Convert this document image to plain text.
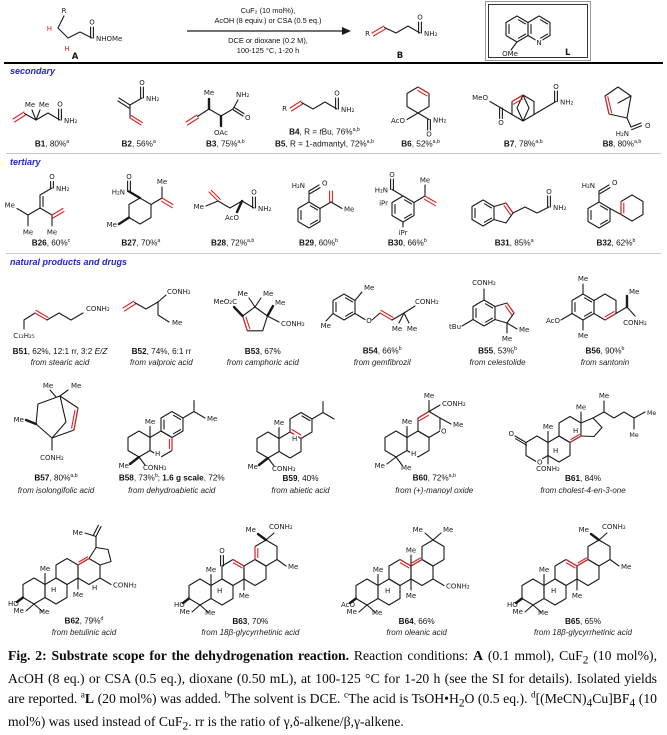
R
O
NHOMe
H
H
A
CuF₂ (10 mol%),
AcOH (8 equiv.) or CSA (0.5 eq.)
DCE or dioxane (0.2 M),
100-125 °C, 1-20 h
R
O
NH₂
B
N
OMe	L
secondary
Me Me O
NH₂
B1, 80%$^a$
O
NH₂
B2, 56%$^a$
Me	NH₂
O
OAc
B3, 75%$^{a,b}$
R
O
NH₂
B4, R = tBu, 76%$^{a,b}$
B5, R = 1-admantyl, 72%$^{a,b}$
AcO	NH₂
O
B6, 52%$^{a,b}$
O
MeO
O
NH₂
B7, 78%$^{a,b}$
O
H₂N
B8, 80%$^{a,b}$
tertiary
O
NH₂
Me
Me Me
B26, 60%$^c$
O
H₂N
Me
Me
B27, 70%$^a$
Me
AcO
O
NH₂
B28, 72%$^{a,b}$
O
H₂N
Me
B29, 60%$^b$
O
H₂N
Me
iPr
iPr
B30, 66%$^b$
O
NH₂
B31, 85%$^a$
O
H₂N
B32, 62%$^b$
natural products and drugs
C₁₂H₂₅
CONH₂
B51, 62%, 12:1 rr, 3:2 E/Z
from stearic acid
CONH₂
Me
B52, 74%, 6:1 rr
from valproic acid
MeO₂C
Me Me
Me
CONH₂
B53, 67%
from camphoric acid
Me
Me
O
Me Me
CONH₂
B54, 66%$^b$
from gemfibrozil
CONH₂
tBu
Me
Me
B55, 53%$^b$
from celestolide
Me
AcO
Me
Me
CONH₂
B56, 90%$^b$
from santonin
Me	Me
Me
CONH₂
B57, 80%$^{a,b}$
from isolongifolic acid
Me
H
Me CONH₂
Me
B58, 73%$^b$; 1.6 g scale, 72%
from dehydroabietic acid
Me
H
Me CONH₂
B59, 40%
from abietic acid
O
Me
CONH₂
Me
Me
H
Me Me
B60, 72%$^{a,b}$
from (+)-manoyl oxide
O
O
CONH₂
Me
Me
H
H
Me
Me
Me
B61, 84%
from cholest-4-en-3-one
Me
Me
Me
H	H CONH₂
HO
Me Me
B62, 79%$^d$
from betulinic acid
O
Me CONH₂
Me
Me
Me
H
HO
Me Me
B63, 70%
from 18β-glycyrrhetinic acid
Me	Me
CONH₂
Me
Me
Me
H
AcO
Me Me
B64, 66%
from oleanic acid
Me CONH₂
Me
Me
Me
H
HO
Me Me
B65, 65%
from 18β-glycyrrhetinic acid
Fig. 2: Substrate scope for the dehydrogenation reaction. Reaction conditions: A (0.1 mmol), CuF$_2$ (10 mol%), AcOH (8 eq.) or CSA (0.5 eq.), dioxane (0.50 mL), at 100-125 °C for 1-20 h (see the SI for details). Isolated yields are reported. $^a$L (20 mol%) was added. $^b$The solvent is DCE. $^c$The acid is $TsOH•H_2O$ (0.5 eq.). $^d[(MeCN)_4Cu]BF_4$ (10 mol%) was used instead of CuF$_2$. rr is the ratio of γ,δ-alkene/β,γ-alkene.
